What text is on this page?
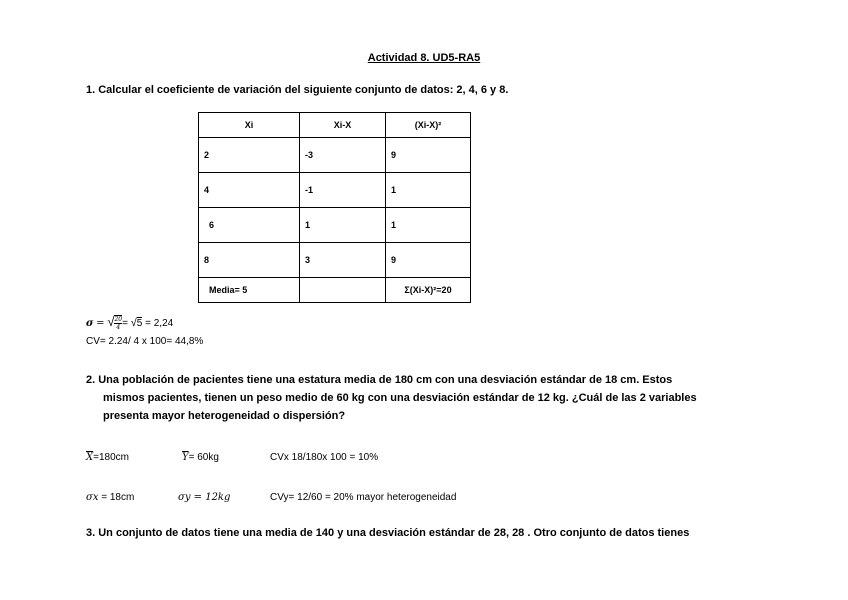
Actividad 8. UD5-RA5
1. Calcular el coeficiente de variación del siguiente conjunto de datos: 2, 4, 6 y 8.
Xi	Xi-X	(Xi-X)²
2	-3	9
4	-1	1
6	1	1
8	3	9
Media= 5		Σ(Xi-X)²=20
σ = √ $\frac{20}{4} = √5 = 2,24$
CV= 2.24/ 4 x 100= 44,8%
2. Una población de pacientes tiene una estatura media de 180 cm con una desviación estándar de 18 cm. Estos
mismos pacientes, tienen un peso medio de 60 kg con una desviación estándar de 12 kg. ¿Cuál de las 2 variables
presenta mayor heterogeneidad o dispersión?
$\overline{X}=180cm$	$\overline{Y}= 60kg$	CVx 18/180x 100 = 10%
σx = 18cm	σy = 12kg	CVy= 12/60 = 20% mayor heterogeneidad
3. Un conjunto de datos tiene una media de 140 y una desviación estándar de 28, 28 . Otro conjunto de datos tienes
